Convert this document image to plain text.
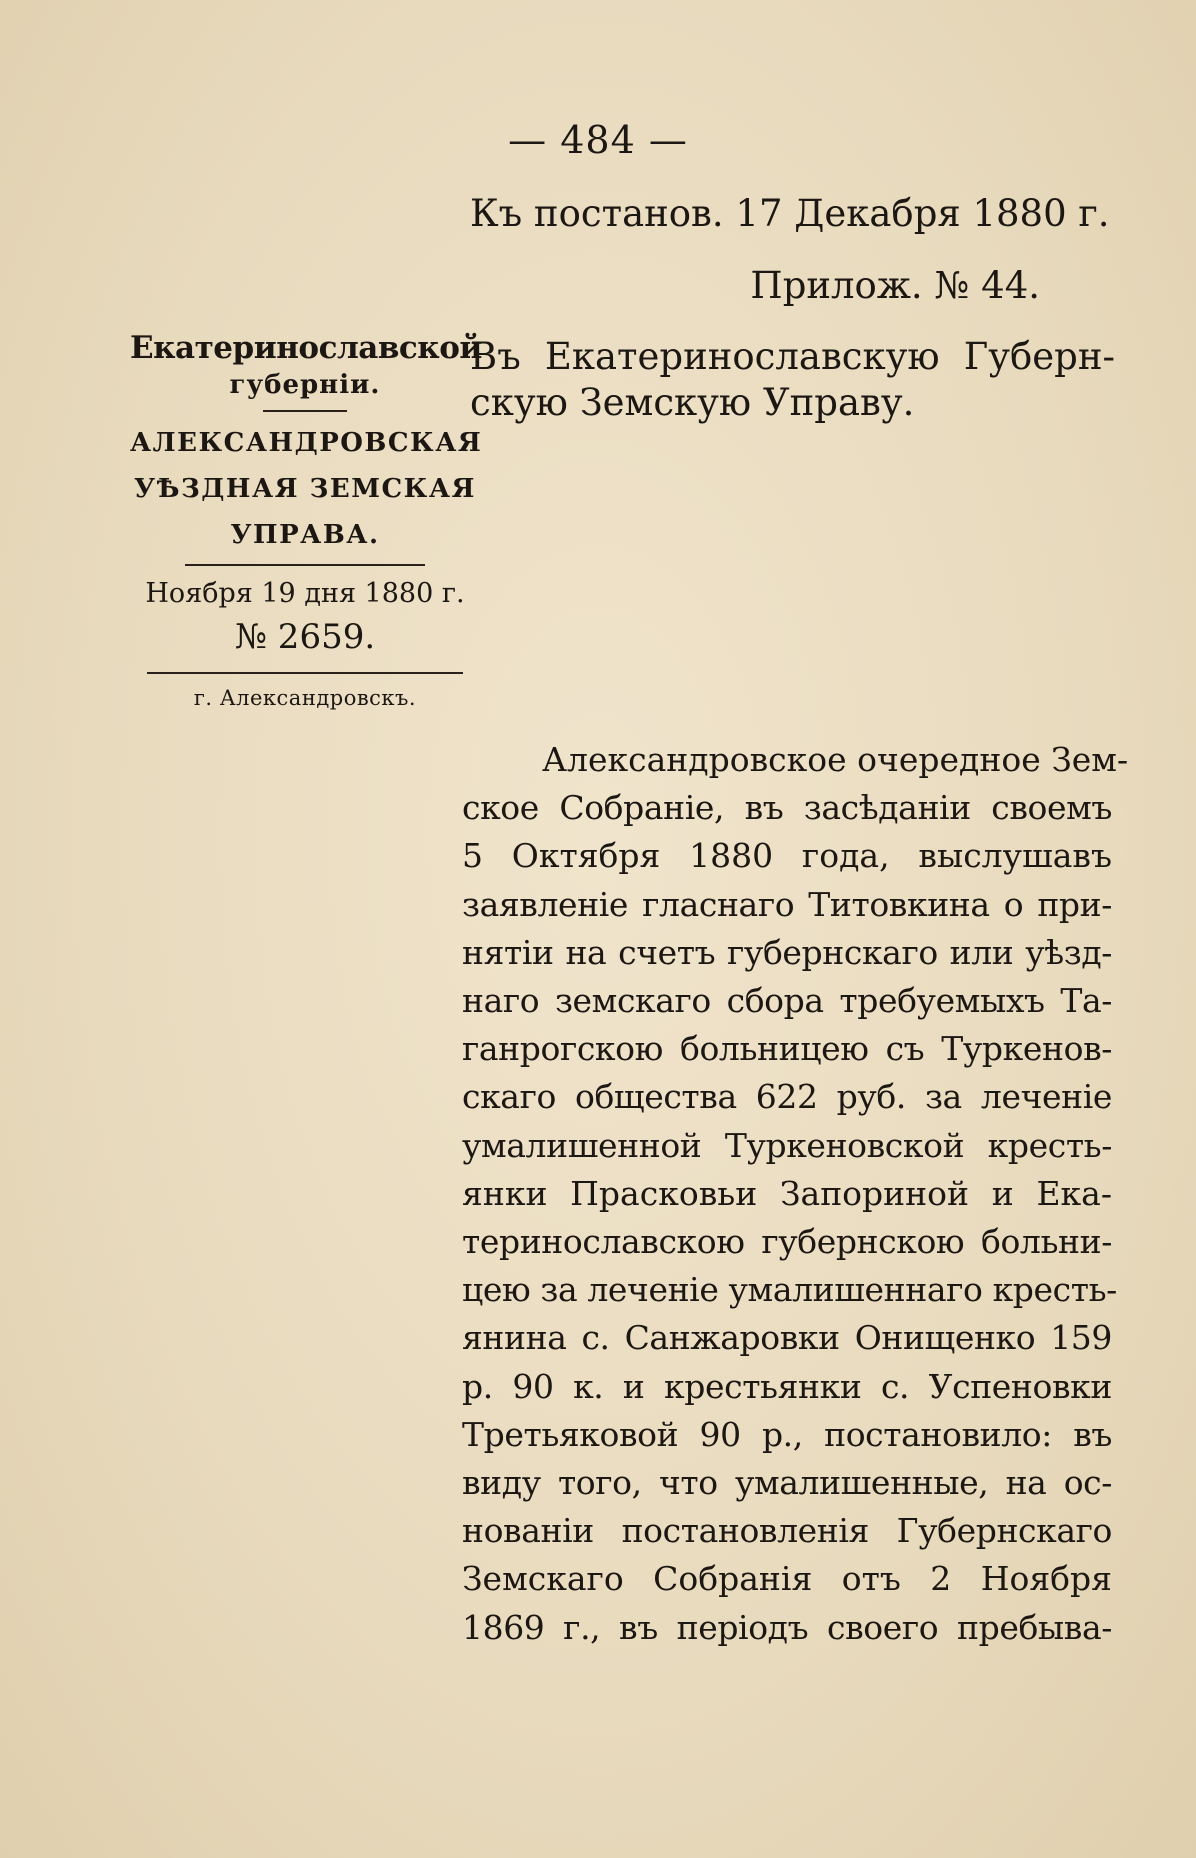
— 484 —
Къ постанов. 17 Декабря 1880 г.
Прилож. № 44.
Екатеринославской
губерніи.
АЛЕКСАНДРОВСКАЯ
УѢЗДНАЯ ЗЕМСКАЯ
УПРАВА.
Ноября 19 дня 1880 г.
№ 2659.
г. Александровскъ.
Въ Екатеринославскую Губерн-
скую Земскую Управу.
Александровское очередное Зем-
ское Собраніе, въ засѣданіи своемъ
5 Октября 1880 года, выслушавъ
заявленіе гласнаго Титовкина о при-
нятіи на счетъ губернскаго или уѣзд-
наго земскаго сбора требуемыхъ Та-
ганрогскою больницею съ Туркенов-
скаго общества 622 руб. за леченіе
умалишенной Туркеновской кресть-
янки Прасковьи Запориной и Ека-
теринославскою губернскою больни-
цею за леченіе умалишеннаго кресть-
янина с. Санжаровки Онищенко 159
р. 90 к. и крестьянки с. Успеновки
Третьяковой 90 р., постановило: въ
виду того, что умалишенные, на ос-
нованіи постановленія Губернскаго
Земскаго Собранія отъ 2 Ноября
1869 г., въ періодъ своего пребыва-
